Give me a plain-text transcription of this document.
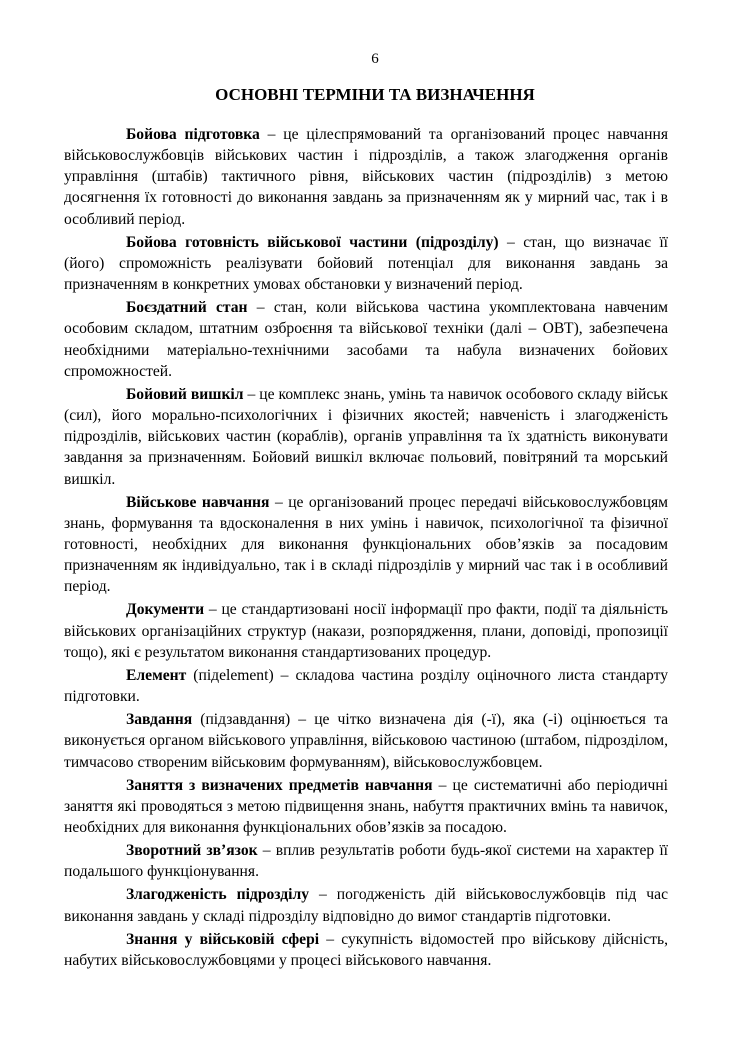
6
ОСНОВНІ ТЕРМІНИ ТА ВИЗНАЧЕННЯ

Бойова підготовка – це цілеспрямований та організований процес навчання військовослужбовців військових частин і підрозділів, а також злагодження органів управління (штабів) тактичного рівня, військових частин (підрозділів) з метою досягнення їх готовності до виконання завдань за призначенням як у мирний час, так і в особливий період.

Бойова готовність військової частини (підрозділу) – стан, що визначає її (його) спроможність реалізувати бойовий потенціал для виконання завдань за призначенням в конкретних умовах обстановки у визначений період.

Боєздатний стан – стан, коли військова частина укомплектована навченим особовим складом, штатним озброєння та військової техніки (далі – ОВТ), забезпечена необхідними матеріально-технічними засобами та набула визначених бойових спроможностей.

Бойовий вишкіл – це комплекс знань, умінь та навичок особового складу військ (сил), його морально-психологічних і фізичних якостей; навченість і злагодженість підрозділів, військових частин (кораблів), органів управління та їх здатність виконувати завдання за призначенням. Бойовий вишкіл включає польовий, повітряний та морський вишкіл.

Військове навчання – це організований процес передачі військовослужбовцям знань, формування та вдосконалення в них умінь і навичок, психологічної та фізичної готовності, необхідних для виконання функціональних обов’язків за посадовим призначенням як індивідуально, так і в складі підрозділів у мирний час так і в особливий період.

Документи – це стандартизовані носії інформації про факти, події та діяльність військових організаційних структур (накази, розпорядження, плани, доповіді, пропозиції тощо), які є результатом виконання стандартизованих процедур.

Елемент (підelement) – складова частина розділу оціночного листа стандарту підготовки.

Завдання (підзавдання) – це чітко визначена дія (-ї), яка (-і) оцінюється та виконується органом військового управління, військовою частиною (штабом, підрозділом, тимчасово створеним військовим формуванням), військовослужбовцем.

Заняття з визначених предметів навчання – це систематичні або періодичні заняття які проводяться з метою підвищення знань, набуття практичних вмінь та навичок, необхідних для виконання функціональних обов’язків за посадою.

Зворотний зв’язок – вплив результатів роботи будь-якої системи на характер її подальшого функціонування.

Злагодженість підрозділу – погодженість дій військовослужбовців під час виконання завдань у складі підрозділу відповідно до вимог стандартів підготовки.

Знання у військовій сфері – сукупність відомостей про військову дійсність, набутих військовослужбовцями у процесі військового навчання.
